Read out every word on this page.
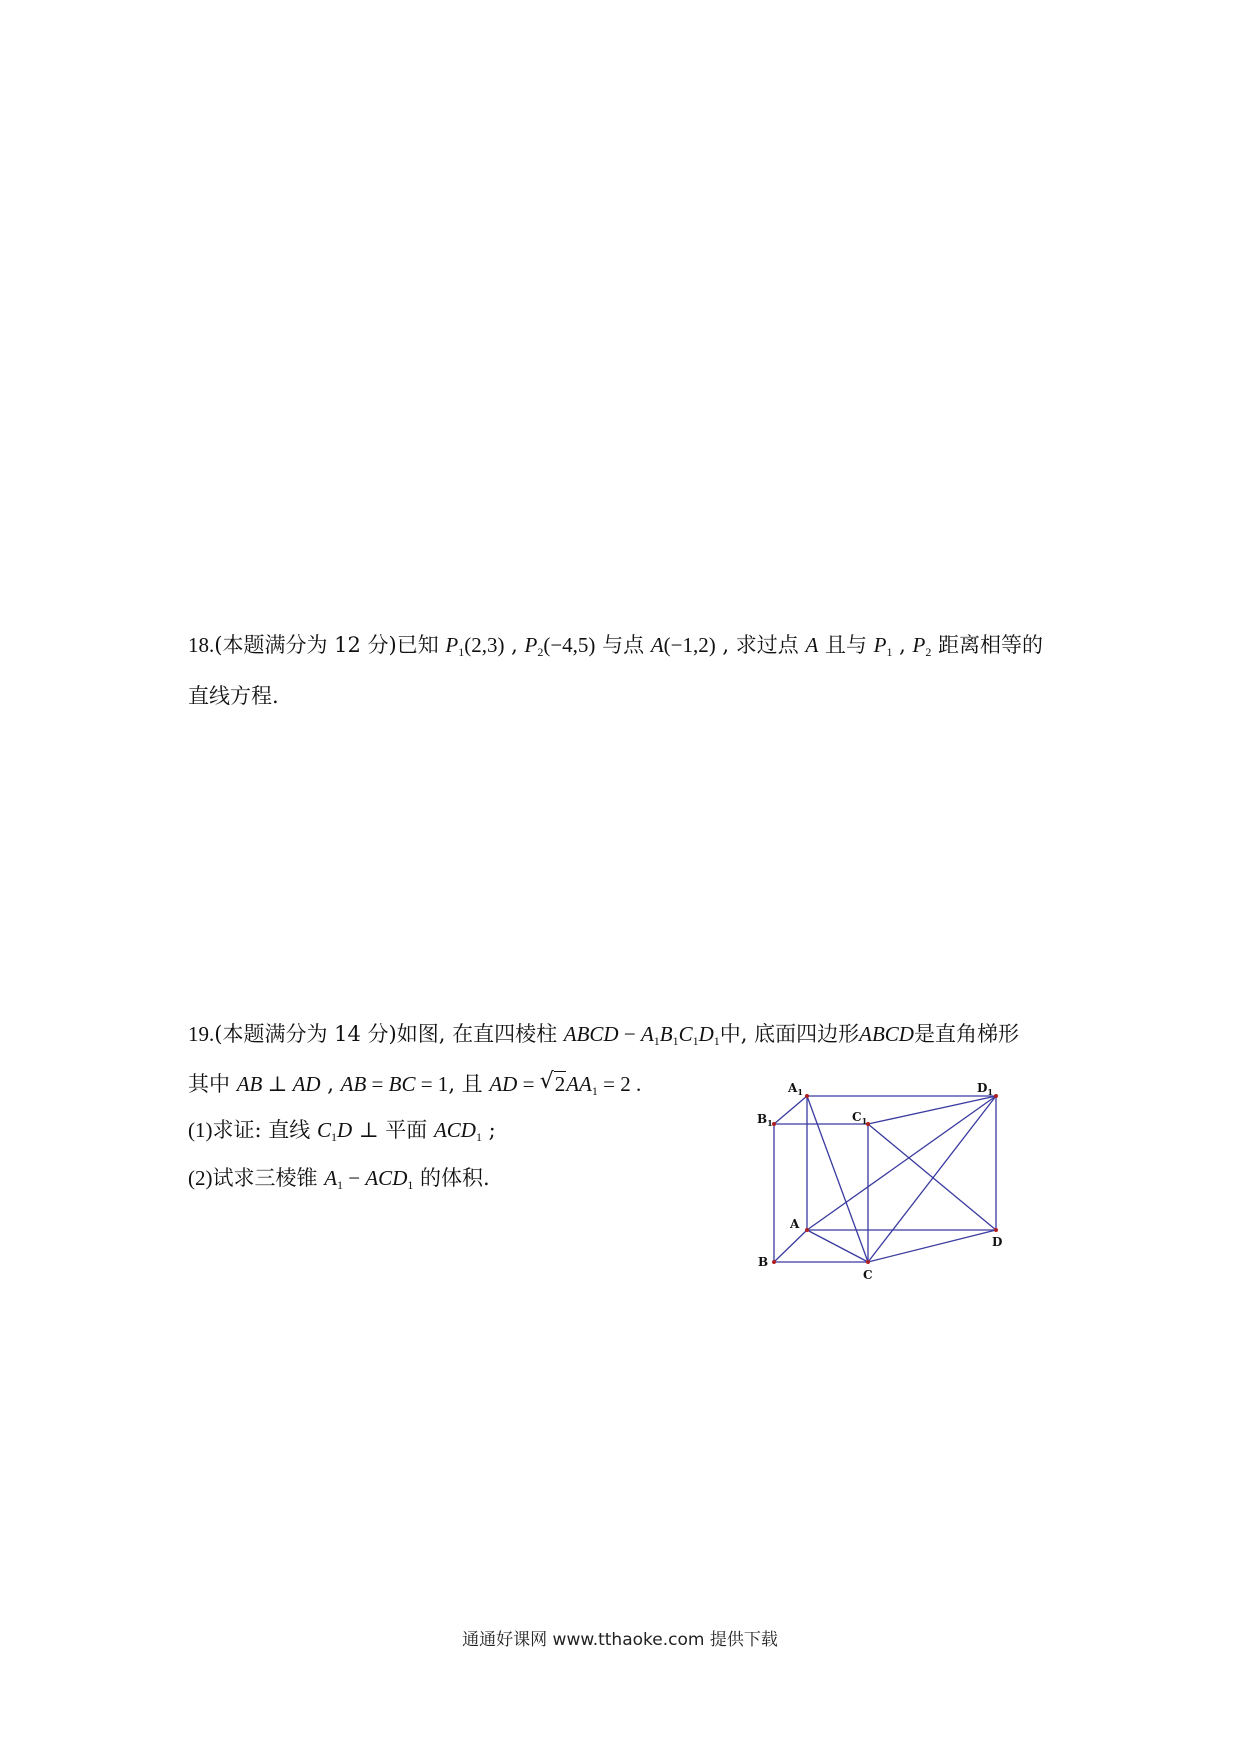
18.(本题满分为 12 分)已知 $P_1(2,3)$ , $P_2(-4,5)$ 与点 A(−1,2) , 求过点 A 且与 $P_1$ , $P_2$ 距离相等的
直线方程.
19.(本题满分为 14 分)如图, 在直四棱柱 ABCD − $A_1B_1C_1D_1$中, 底面四边形ABCD是直角梯形
其中 AB ⊥ AD , AB = BC = 1, 且 AD = √ $2AA_1 = 2$ .
(1)求证: 直线 $C_1D$ ⊥ 平面 $ACD_1$ ;
(2)试求三棱锥 $A_1 - ACD_1$ 的体积.
$A_1$
$B_1$	$C_1$
$D_1$
A
B
C
D
通通好课网 www.tthaoke.com 提供下载
